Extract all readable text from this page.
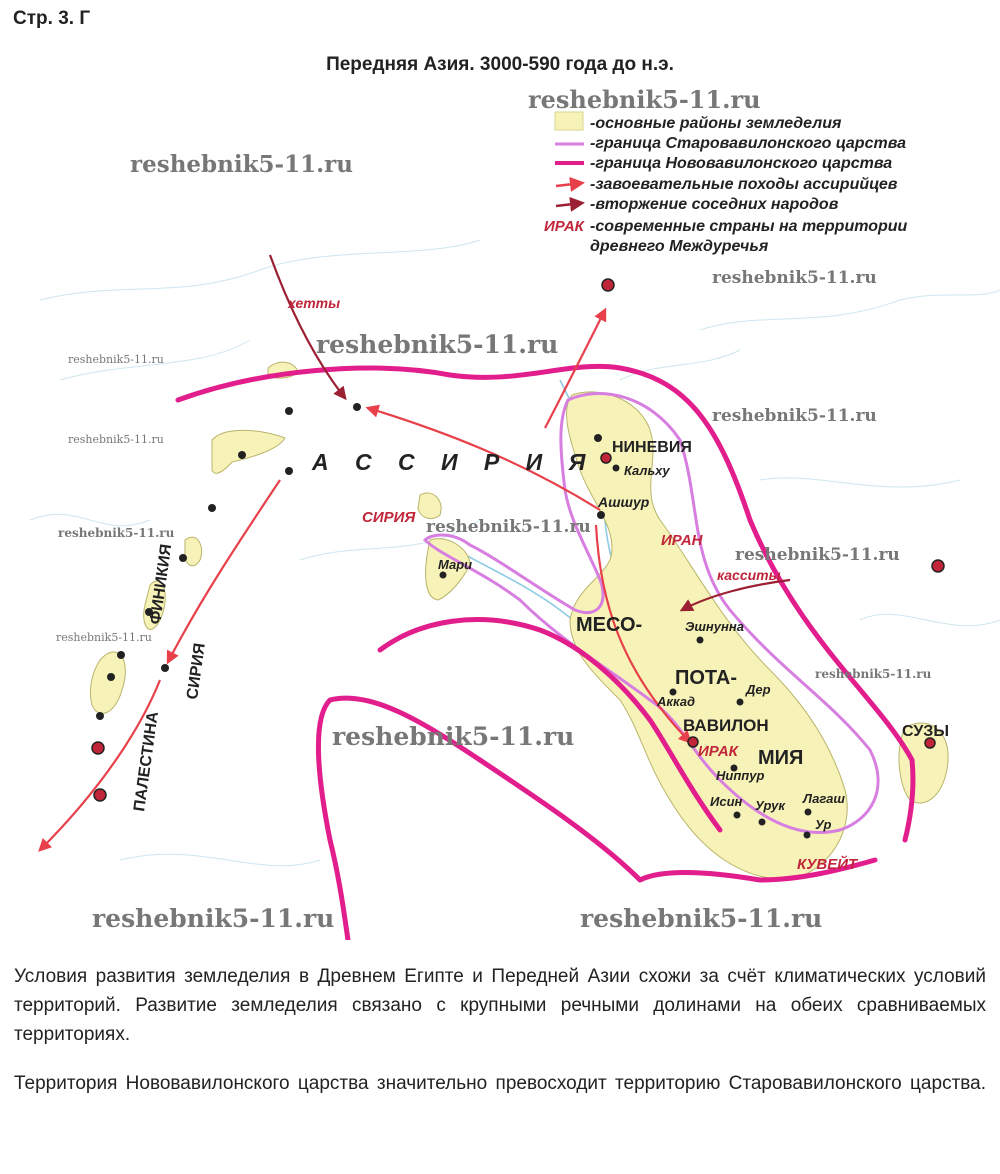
Стр. 3. Г
Передняя Азия. 3000-590 года до н.э.
-основные районы земледелия
-граница Старовавилонского царства
-граница Нововавилонского царства
-завоевательные походы ассирийцев
-вторжение соседних народов
ИРАК -современные страны на территории
древнего Междуречья
reshebnik5-11.ru
reshebnik5-11.ru
reshebnik5-11.ru
reshebnik5-11.ru
reshebnik5-11.ru
reshebnik5-11.ru
reshebnik5-11.ru
reshebnik5-11.ru
reshebnik5-11.ru
reshebnik5-11.ru	reshebnik5-11.ru
reshebnik5-11.ru
reshebnik5-11.ru
reshebnik5-11.ru
reshebnik5-11.ru
А С С И Р И Я
МЕСО-
ПОТА-
МИЯ
ФИНИКИЯ
СИРИЯ
ПАЛЕСТИНА
НИНЕВИЯ
Кальху
Ашшур
Мари
Эшнунна
Аккад
Дер
ВАВИЛОН
Ниппур
Исин Урук Лагаш
Ур
СУЗЫ
СИРИЯ
ИРАН
ИРАК
КУВЕЙТ
хетты
касситы
Условия развития земледелия в Древнем Египте и Передней Азии схожи за счёт климатических условий территорий. Развитие земледелия связано с крупными речными долинами на обеих сравниваемых территориях.
Территория Нововавилонского царства значительно превосходит территорию Старовавилонского царства.
